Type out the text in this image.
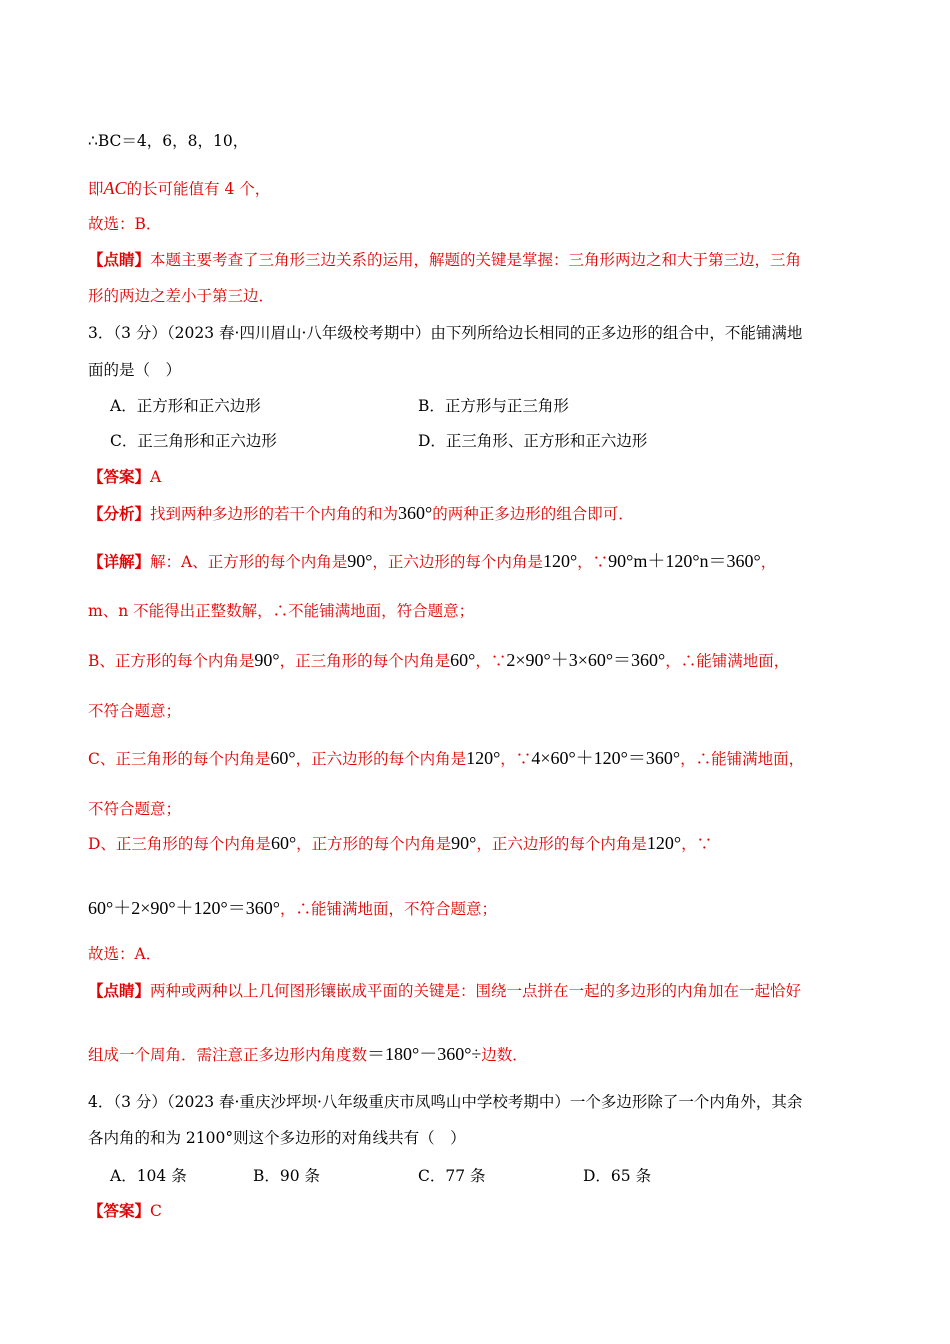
∴BC＝4，6，8，10，
即AC的长可能值有 4 个，
故选：B．
【点睛】本题主要考查了三角形三边关系的运用，解题的关键是掌握：三角形两边之和大于第三边，三角
形的两边之差小于第三边．
3．（3 分）（2023 春·四川眉山·八年级校考期中）由下列所给边长相同的正多边形的组合中，不能铺满地
面的是（　）
A．正方形和正六边形	B．正方形与正三角形
C．正三角形和正六边形	D．正三角形、正方形和正六边形
【答案】A
【分析】找到两种多边形的若干个内角的和为360°的两种正多边形的组合即可．
【详解】解：A、正方形的每个内角是90°，正六边形的每个内角是120°，∵90°m＋120°n＝360°，
m、n 不能得出正整数解，∴不能铺满地面，符合题意；
B、正方形的每个内角是90°，正三角形的每个内角是60°，∵2×90°＋3×60°＝360°，∴能铺满地面，
不符合题意；
C、正三角形的每个内角是60°，正六边形的每个内角是120°，∵4×60°＋120°＝360°，∴能铺满地面，
不符合题意；
D、正三角形的每个内角是60°，正方形的每个内角是90°，正六边形的每个内角是120°，∵
60°＋2×90°＋120°＝360°，∴能铺满地面，不符合题意；
故选：A．
【点睛】两种或两种以上几何图形镶嵌成平面的关键是：围绕一点拼在一起的多边形的内角加在一起恰好
组成一个周角．需注意正多边形内角度数＝180°－360°÷边数．
4．（3 分）（2023 春·重庆沙坪坝·八年级重庆市凤鸣山中学校考期中）一个多边形除了一个内角外，其余
各内角的和为 2100°则这个多边形的对角线共有（　）
A．104 条	B．90 条	C．77 条	D．65 条
【答案】C
